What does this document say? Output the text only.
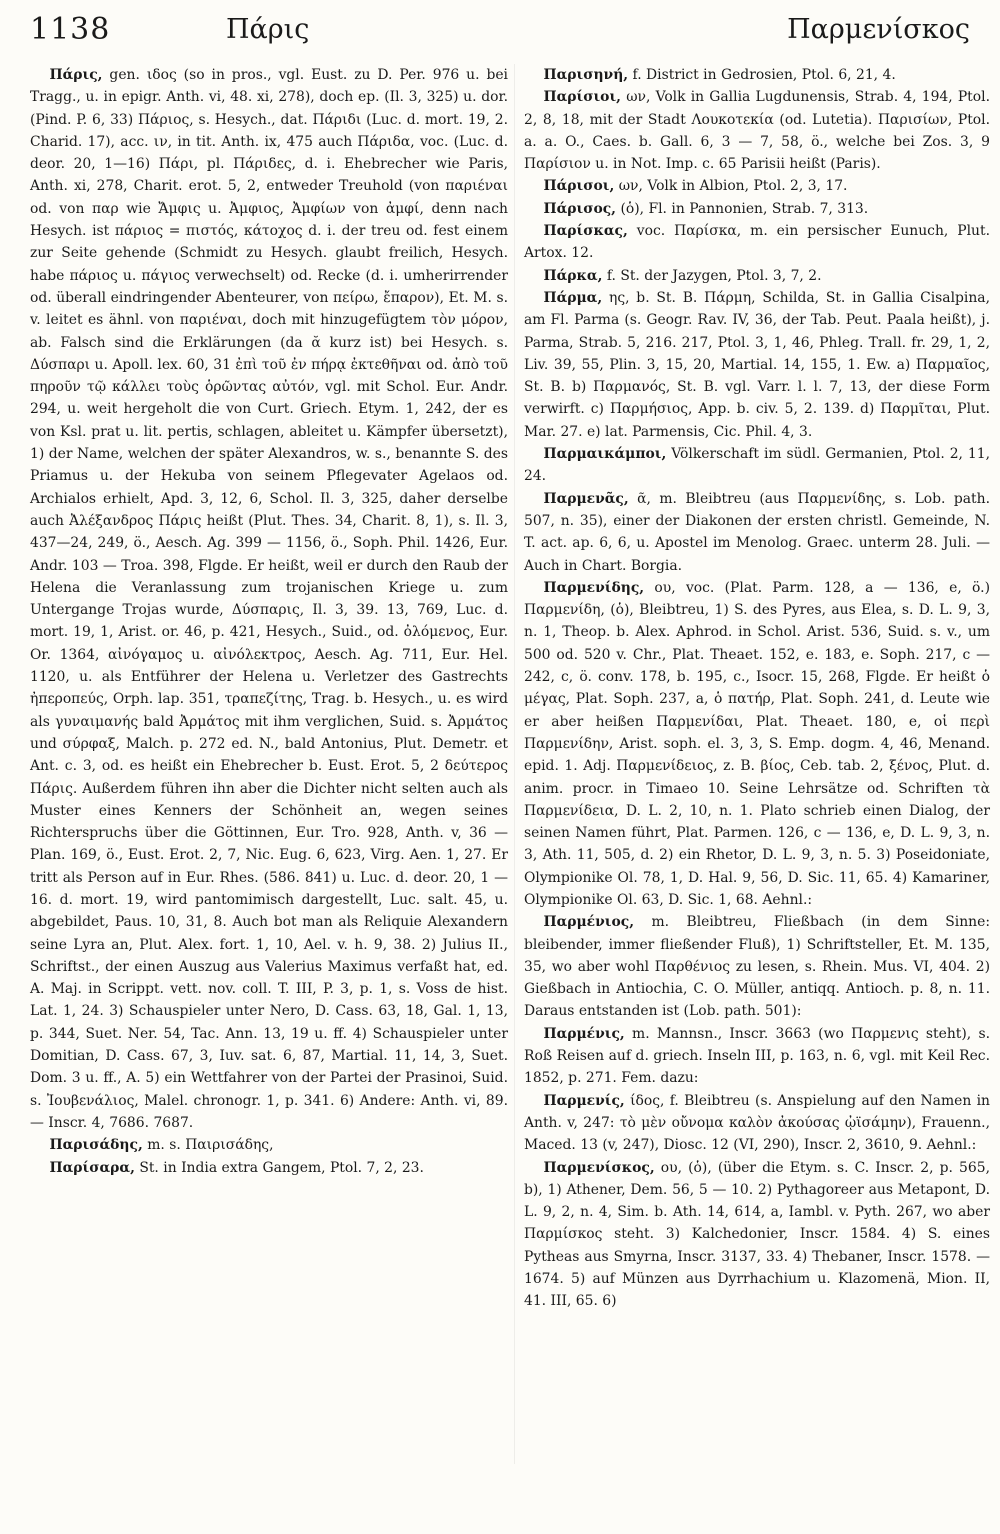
1138	Πάρις	Παρμενίσκος

Πάρις, gen. ιδος (so in pros., vgl. Eust. zu D. Per. 976 u. bei Tragg., u. in epigr. Anth. vi, 48. xi, 278), doch ep. (Il. 3, 325) u. dor. (Pind. P. 6, 33) Πάριος, s. Hesych., dat. Πάριδι (Luc. d. mort. 19, 2. Charid. 17), acc. ιν, in tit. Anth. ix, 475 auch Πάριδα, voc. (Luc. d. deor. 20, 1—16) Πάρι, pl. Πάριδες, d. i. Ehebrecher wie Paris, Anth. xi, 278, Charit. erot. 5, 2, entweder Treuhold (von παριέναι od. von παρ wie Ἄμφις u. Ἀμφιος, Ἀμφίων von ἀμφί, denn nach Hesych. ist πάριος = πιστός, κάτοχος d. i. der treu od. fest einem zur Seite gehende (Schmidt zu Hesych. glaubt freilich, Hesych. habe πάριος u. πάγιος verwechselt) od. Recke (d. i. umherirrender od. überall eindringender Abenteurer, von πείρω, ἔπαρον), Et. M. s. v. leitet es ähnl. von παριέναι, doch mit hinzugefügtem τὸν μόρον, ab. Falsch sind die Erklärungen (da ᾰ kurz ist) bei Hesych. s. Δύσπαρι u. Apoll. lex. 60, 31 ἐπὶ τοῦ ἐν πήρᾳ ἐκτεθῆναι od. ἀπὸ τοῦ πηροῦν τῷ κάλλει τοὺς ὁρῶντας αὐτόν, vgl. mit Schol. Eur. Andr. 294, u. weit hergeholt die von Curt. Griech. Etym. 1, 242, der es von Ksl. prat u. lit. pertis, schlagen, ableitet u. Kämpfer übersetzt), 1) der Name, welchen der später Alexandros, w. s., benannte S. des Priamus u. der Hekuba von seinem Pflegevater Agelaos od. Archialos erhielt, Apd. 3, 12, 6, Schol. Il. 3, 325, daher derselbe auch Ἀλέξανδρος Πάρις heißt (Plut. Thes. 34, Charit. 8, 1), s. Il. 3, 437—24, 249, ö., Aesch. Ag. 399 — 1156, ö., Soph. Phil. 1426, Eur. Andr. 103 — Troa. 398, Flgde. Er heißt, weil er durch den Raub der Helena die Veranlassung zum trojanischen Kriege u. zum Untergange Trojas wurde, Δύσπαρις, Il. 3, 39. 13, 769, Luc. d. mort. 19, 1, Arist. or. 46, p. 421, Hesych., Suid., od. ὀλόμενος, Eur. Or. 1364, αἰνόγαμος u. αἰνόλεκτρος, Aesch. Ag. 711, Eur. Hel. 1120, u. als Entführer der Helena u. Verletzer des Gastrechts ἠπεροπεύς, Orph. lap. 351, τραπεζίτης, Trag. b. Hesych., u. es wird als γυναιμανής bald Ἀρμάτος mit ihm verglichen, Suid. s. Ἀρμάτος und σύρφαξ, Malch. p. 272 ed. N., bald Antonius, Plut. Demetr. et Ant. c. 3, od. es heißt ein Ehebrecher b. Eust. Erot. 5, 2 δεύτερος Πάρις. Außerdem führen ihn aber die Dichter nicht selten auch als Muster eines Kenners der Schönheit an, wegen seines Richterspruchs über die Göttinnen, Eur. Tro. 928, Anth. v, 36 — Plan. 169, ö., Eust. Erot. 2, 7, Nic. Eug. 6, 623, Virg. Aen. 1, 27. Er tritt als Person auf in Eur. Rhes. (586. 841) u. Luc. d. deor. 20, 1 — 16. d. mort. 19, wird pantomimisch dargestellt, Luc. salt. 45, u. abgebildet, Paus. 10, 31, 8. Auch bot man als Reliquie Alexandern seine Lyra an, Plut. Alex. fort. 1, 10, Ael. v. h. 9, 38. 2) Julius II., Schriftst., der einen Auszug aus Valerius Maximus verfaßt hat, ed. A. Maj. in Scrippt. vett. nov. coll. T. III, P. 3, p. 1, s. Voss de hist. Lat. 1, 24. 3) Schauspieler unter Nero, D. Cass. 63, 18, Gal. 1, 13, p. 344, Suet. Ner. 54, Tac. Ann. 13, 19 u. ff. 4) Schauspieler unter Domitian, D. Cass. 67, 3, Iuv. sat. 6, 87, Martial. 11, 14, 3, Suet. Dom. 3 u. ff., A. 5) ein Wettfahrer von der Partei der Prasinoi, Suid. s. Ἰουβενάλιος, Malel. chronogr. 1, p. 341. 6) Andere: Anth. vi, 89. — Inscr. 4, 7686. 7687.

Παρισάδης, m. s. Παιρισάδης,

Παρίσαρα, St. in India extra Gangem, Ptol. 7, 2, 23.

Παρισηνή, f. District in Gedrosien, Ptol. 6, 21, 4.

Παρίσιοι, ων, Volk in Gallia Lugdunensis, Strab. 4, 194, Ptol. 2, 8, 18, mit der Stadt Λουκοτεκία (od. Lutetia). Παρισίων, Ptol. a. a. O., Caes. b. Gall. 6, 3 — 7, 58, ö., welche bei Zos. 3, 9 Παρίσιον u. in Not. Imp. c. 65 Parisii heißt (Paris).

Πάρισοι, ων, Volk in Albion, Ptol. 2, 3, 17.

Πάρισος, (ὁ), Fl. in Pannonien, Strab. 7, 313.

Παρίσκας, voc. Παρίσκα, m. ein persischer Eunuch, Plut. Artox. 12.

Πάρκα, f. St. der Jazygen, Ptol. 3, 7, 2.

Πάρμα, ης, b. St. B. Πάρμη, Schilda, St. in Gallia Cisalpina, am Fl. Parma (s. Geogr. Rav. IV, 36, der Tab. Peut. Paala heißt), j. Parma, Strab. 5, 216. 217, Ptol. 3, 1, 46, Phleg. Trall. fr. 29, 1, 2, Liv. 39, 55, Plin. 3, 15, 20, Martial. 14, 155, 1. Ew. a) Παρμαῖος, St. B. b) Παρμανός, St. B. vgl. Varr. l. l. 7, 13, der diese Form verwirft. c) Παρμήσιος, App. b. civ. 5, 2. 139. d) Παρμῖται, Plut. Mar. 27. e) lat. Parmensis, Cic. Phil. 4, 3.

Παρμαικάμποι, Völkerschaft im südl. Germanien, Ptol. 2, 11, 24.

Παρμενᾶς, ᾶ, m. Bleibtreu (aus Παρμενίδης, s. Lob. path. 507, n. 35), einer der Diakonen der ersten christl. Gemeinde, N. T. act. ap. 6, 6, u. Apostel im Menolog. Graec. unterm 28. Juli. — Auch in Chart. Borgia.

Παρμενίδης, ου, voc. (Plat. Parm. 128, a — 136, e, ö.) Παρμενίδη, (ὁ), Bleibtreu, 1) S. des Pyres, aus Elea, s. D. L. 9, 3, n. 1, Theop. b. Alex. Aphrod. in Schol. Arist. 536, Suid. s. v., um 500 od. 520 v. Chr., Plat. Theaet. 152, e. 183, e. Soph. 217, c — 242, c, ö. conv. 178, b. 195, c., Isocr. 15, 268, Flgde. Er heißt ὁ μέγας, Plat. Soph. 237, a, ὁ πατήρ, Plat. Soph. 241, d. Leute wie er aber heißen Παρμενίδαι, Plat. Theaet. 180, e, οἱ περὶ Παρμενίδην, Arist. soph. el. 3, 3, S. Emp. dogm. 4, 46, Menand. epid. 1. Adj. Παρμενίδειος, z. B. βίος, Ceb. tab. 2, ξένος, Plut. d. anim. procr. in Timaeo 10. Seine Lehrsätze od. Schriften τὰ Παρμενίδεια, D. L. 2, 10, n. 1. Plato schrieb einen Dialog, der seinen Namen führt, Plat. Parmen. 126, c — 136, e, D. L. 9, 3, n. 3, Ath. 11, 505, d. 2) ein Rhetor, D. L. 9, 3, n. 5. 3) Poseidoniate, Olympionike Ol. 78, 1, D. Hal. 9, 56, D. Sic. 11, 65. 4) Kamariner, Olympionike Ol. 63, D. Sic. 1, 68. Aehnl.:

Παρμένιος, m. Bleibtreu, Fließbach (in dem Sinne: bleibender, immer fließender Fluß), 1) Schriftsteller, Et. M. 135, 35, wo aber wohl Παρθένιος zu lesen, s. Rhein. Mus. VI, 404. 2) Gießbach in Antiochia, C. O. Müller, antiqq. Antioch. p. 8, n. 11. Daraus entstanden ist (Lob. path. 501):

Παρμένις, m. Mannsn., Inscr. 3663 (wo Παρμενις steht), s. Roß Reisen auf d. griech. Inseln III, p. 163, n. 6, vgl. mit Keil Rec. 1852, p. 271. Fem. dazu:

Παρμενίς, ίδος, f. Bleibtreu (s. Anspielung auf den Namen in Anth. v, 247: τὸ μὲν οὔνομα καλὸν ἀκούσας ᾠϊσάμην), Frauenn., Maced. 13 (v, 247), Diosc. 12 (VI, 290), Inscr. 2, 3610, 9. Aehnl.:

Παρμενίσκος, ου, (ὁ), (über die Etym. s. C. Inscr. 2, p. 565, b), 1) Athener, Dem. 56, 5 — 10. 2) Pythagoreer aus Metapont, D. L. 9, 2, n. 4, Sim. b. Ath. 14, 614, a, Iambl. v. Pyth. 267, wo aber Παρμίσκος steht. 3) Kalchedonier, Inscr. 1584. 4) S. eines Pytheas aus Smyrna, Inscr. 3137, 33. 4) Thebaner, Inscr. 1578. — 1674. 5) auf Münzen aus Dyrrhachium u. Klazomenä, Mion. II, 41. III, 65. 6)
